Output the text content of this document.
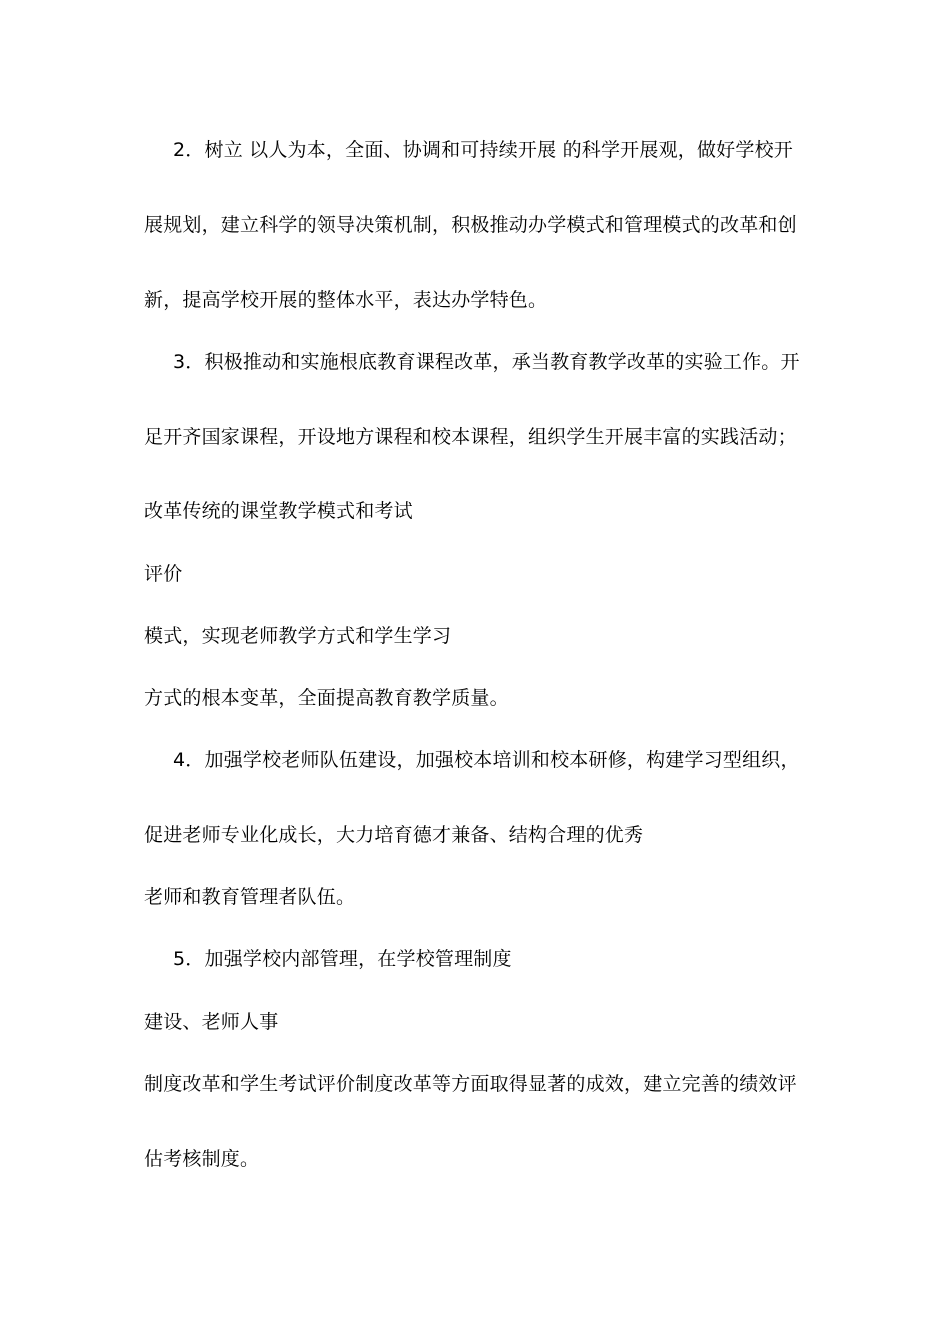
2．树立 以人为本，全面、协调和可持续开展 的科学开展观，做好学校开
展规划，建立科学的领导决策机制，积极推动办学模式和管理模式的改革和创
新，提高学校开展的整体水平，表达办学特色。
3．积极推动和实施根底教育课程改革，承当教育教学改革的实验工作。开
足开齐国家课程，开设地方课程和校本课程，组织学生开展丰富的实践活动；
改革传统的课堂教学模式和考试
评价
模式，实现老师教学方式和学生学习
方式的根本变革，全面提高教育教学质量。
4．加强学校老师队伍建设，加强校本培训和校本研修，构建学习型组织，
促进老师专业化成长，大力培育德才兼备、结构合理的优秀
老师和教育管理者队伍。
5．加强学校内部管理，在学校管理制度
建设、老师人事
制度改革和学生考试评价制度改革等方面取得显著的成效，建立完善的绩效评
估考核制度。
